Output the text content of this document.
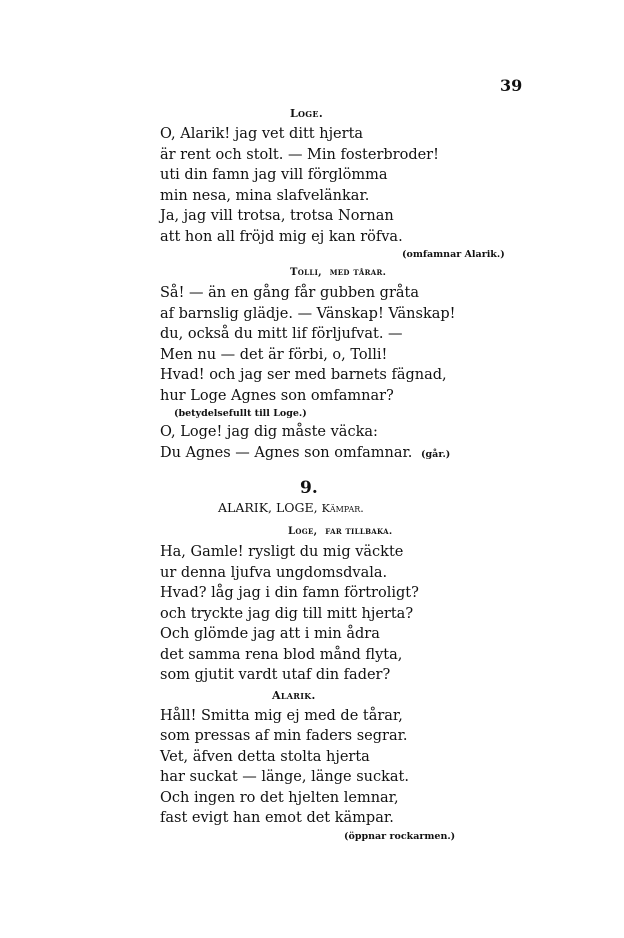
39
Loge.
O, Alarik! jag vet ditt hjerta
är rent och stolt. — Min fosterbroder!
uti din famn jag vill förglömma
min nesa, mina slafvelänkar.
Ja, jag vill trotsa, trotsa Nornan
att hon all fröjd mig ej kan röfva.
(omfamnar Alarik.)
Tolli, med tårar.
Så! — än en gång får gubben gråta
af barnslig glädje. — Vänskap! Vänskap!
du, också du mitt lif förljufvat. —
Men nu — det är förbi, o, Tolli!
Hvad! och jag ser med barnets fägnad,
hur Loge Agnes son omfamnar?
(betydelsefullt till Loge.)
O, Loge! jag dig måste väcka:
Du Agnes — Agnes son omfamnar. (går.)
9.
ALARIK, LOGE, Kämpar.
Loge, far tillbaka.
Ha, Gamle! rysligt du mig väckte
ur denna ljufva ungdomsdvala.
Hvad? låg jag i din famn förtroligt?
och tryckte jag dig till mitt hjerta?
Och glömde jag att i min ådra
det samma rena blod månd flyta,
som gjutit vardt utaf din fader?
Alarik.
Håll! Smitta mig ej med de tårar,
som pressas af min faders segrar.
Vet, äfven detta stolta hjerta
har suckat — länge, länge suckat.
Och ingen ro det hjelten lemnar,
fast evigt han emot det kämpar.
(öppnar rockarmen.)
